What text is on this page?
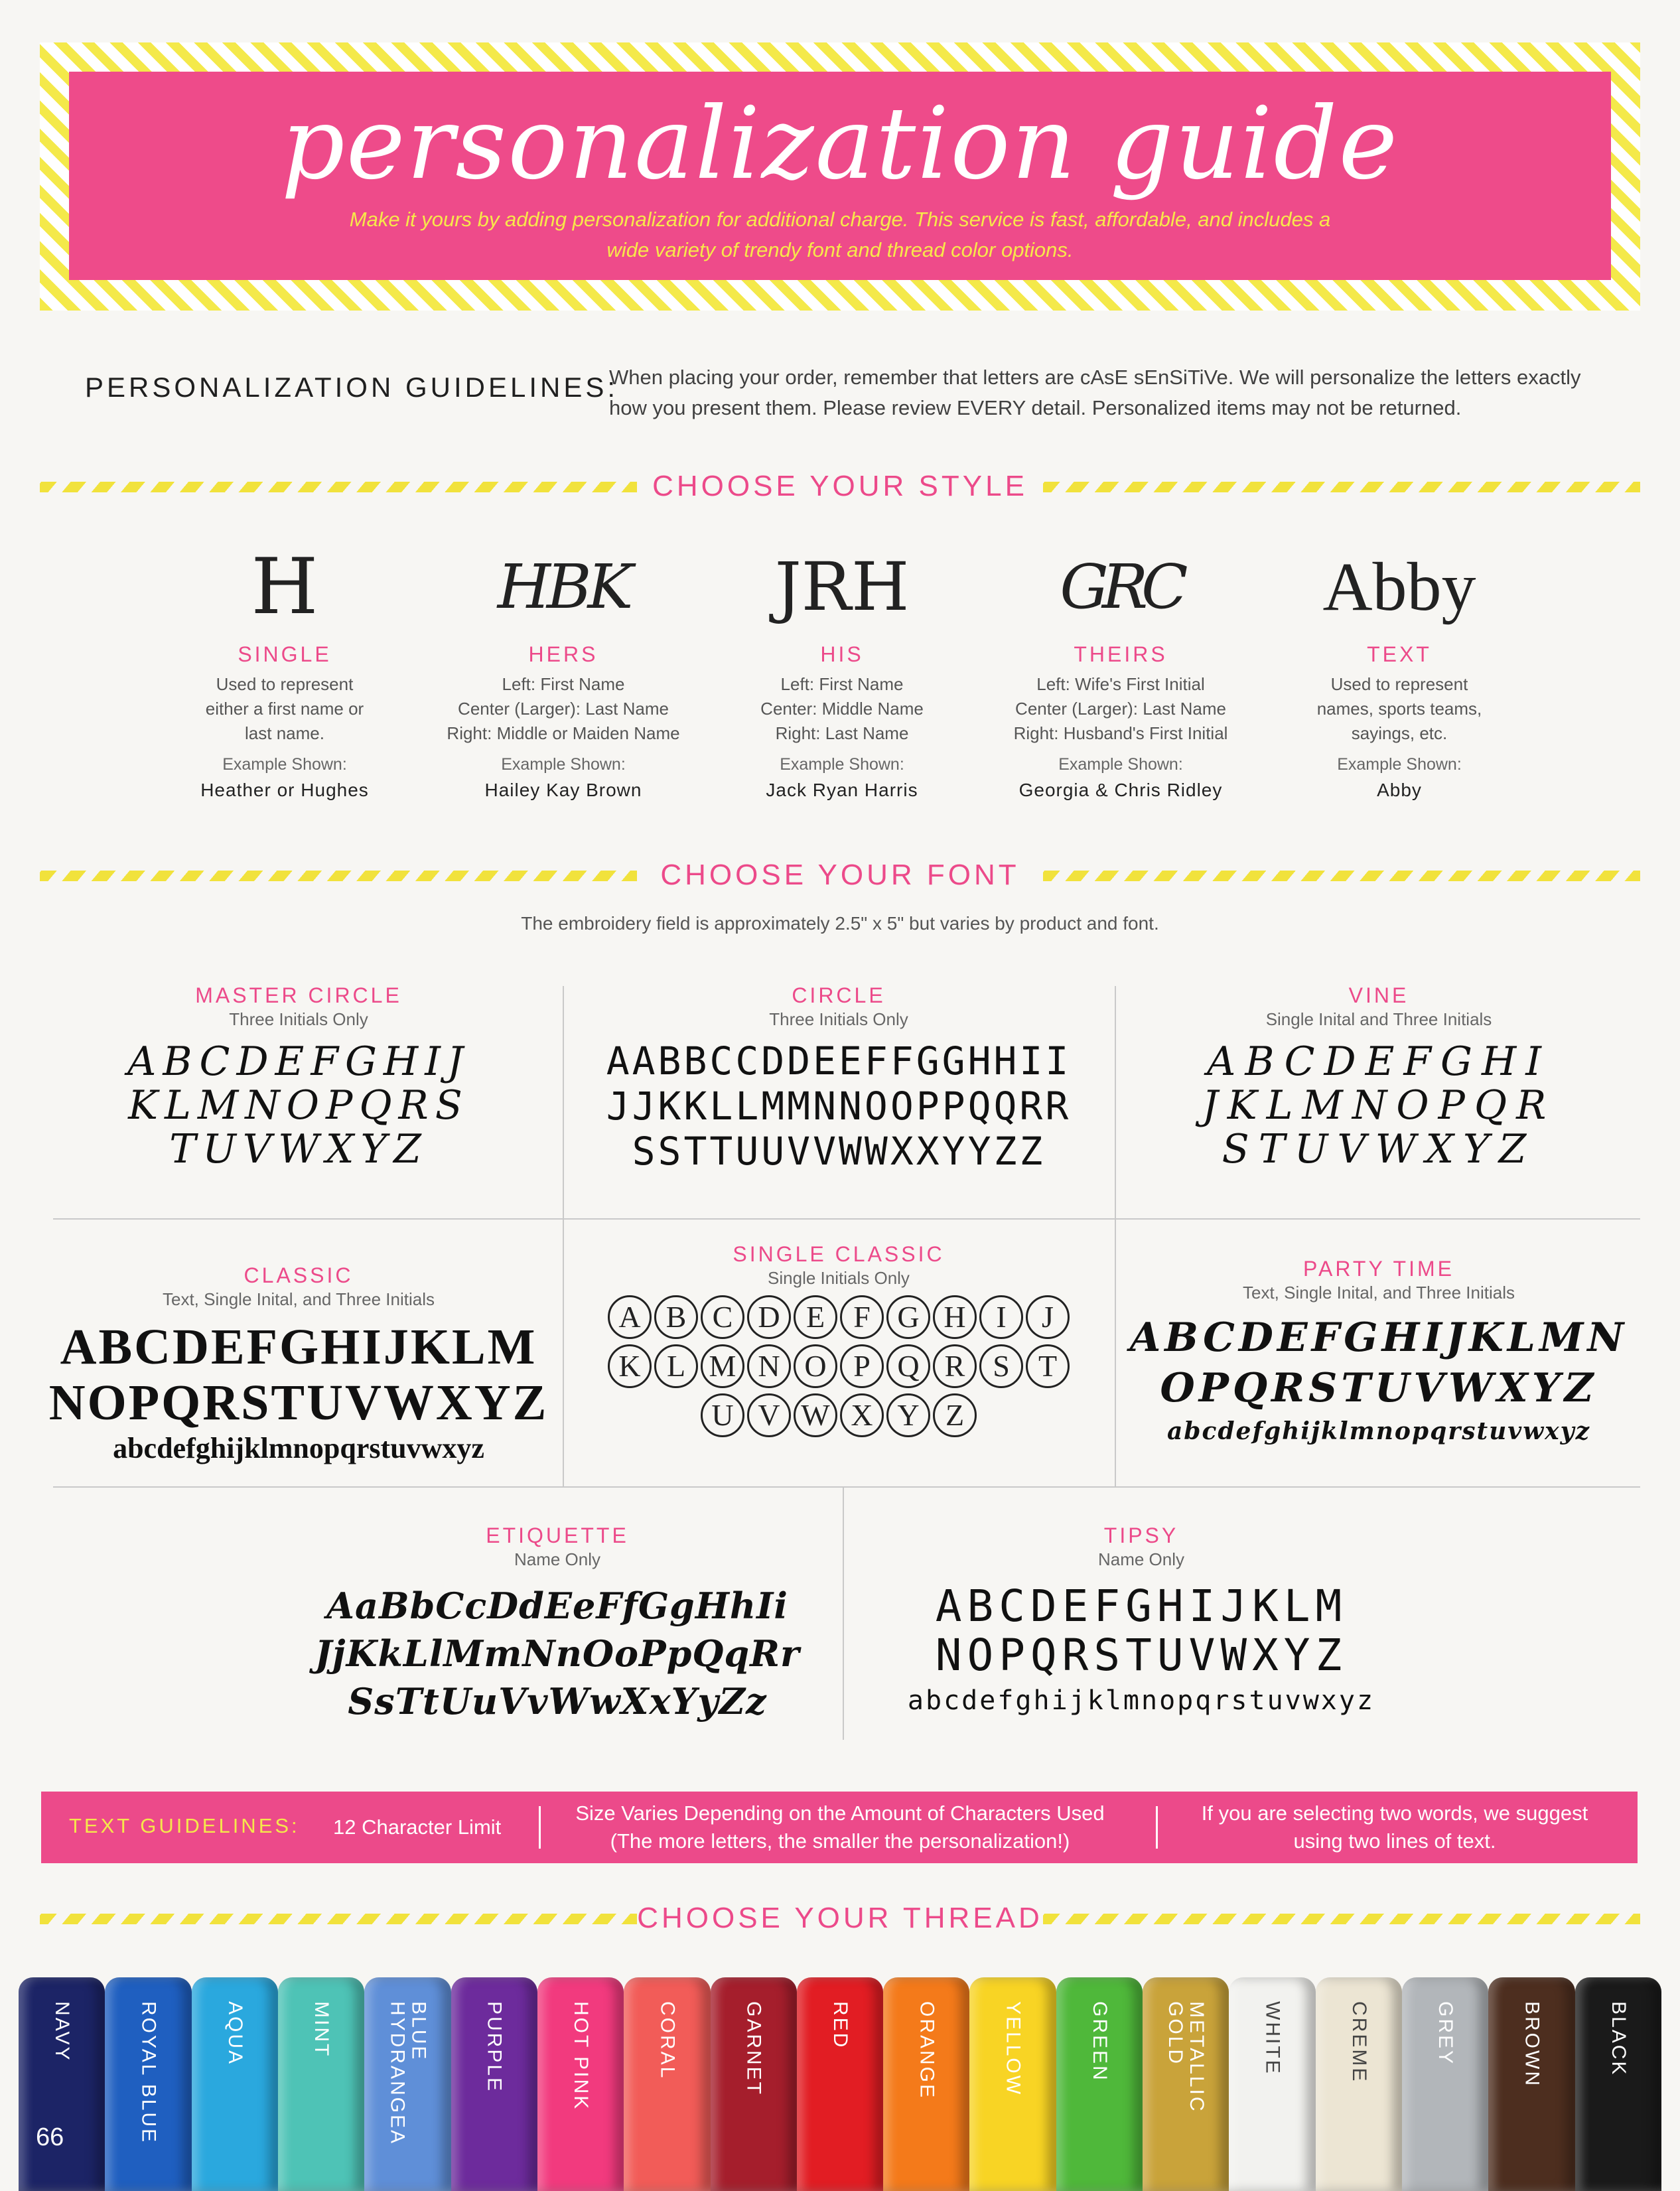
personalization guide
Make it yours by adding personalization for additional charge. This service is fast, affordable, and includes a wide variety of trendy font and thread color options.
PERSONALIZATION GUIDELINES:
When placing your order, remember that letters are cAsE sEnSiTiVe. We will personalize the letters exactly how you present them. Please review EVERY detail. Personalized items may not be returned.
CHOOSE YOUR STYLE
H
SINGLE
Used to represent
either a first name or
last name.
Example Shown:
Heather or Hughes
HBK
HERS
Left: First Name
Center (Larger): Last Name
Right: Middle or Maiden Name
Example Shown:
Hailey Kay Brown
JRH
HIS
Left: First Name
Center: Middle Name
Right: Last Name
Example Shown:
Jack Ryan Harris
GRC
THEIRS
Left: Wife's First Initial
Center (Larger): Last Name
Right: Husband's First Initial
Example Shown:
Georgia & Chris Ridley
Abby
TEXT
Used to represent
names, sports teams,
sayings, etc.
Example Shown:
Abby
CHOOSE YOUR FONT
The embroidery field is approximately 2.5" x 5" but varies by product and font.
MASTER CIRCLE
Three Initials Only
ABCDEFGHIJ
KLMNOPQRS
TUVWXYZ
CIRCLE
Three Initials Only
AABBCCDDEEFFGGHHII
JJKKLLMMNNOOPPQQRR
SSTTUUVVWWXXYYZZ
VINE
Single Inital and Three Initials
ABCDEFGHI
JKLMNOPQR
STUVWXYZ
CLASSIC
Text, Single Inital, and Three Initials
ABCDEFGHIJKLM
NOPQRSTUVWXYZ
abcdefghijklmnopqrstuvwxyz
SINGLE CLASSIC
Single Initials Only
A B C D E F G H I	J
K L M N O P Q R S T
U V W X Y Z
PARTY TIME
Text, Single Inital, and Three Initials
ABCDEFGHIJKLMN
OPQRSTUVWXYZ
abcdefghijklmnopqrstuvwxyz
ETIQUETTE
Name Only
AaBbCcDdEeFfGgHhIi
JjKkLlMmNnOoPpQqRr
SsTtUuVvWwXxYyZz
TIPSY
Name Only
ABCDEFGHIJKLM
NOPQRSTUVWXYZ
abcdefghijklmnopqrstuvwxyz
TEXT GUIDELINES: 12 Character Limit
Size Varies Depending on the Amount of Characters Used
(The more letters, the smaller the personalization!)
If you are selecting two words, we suggest
using two lines of text.
CHOOSE YOUR THREAD
NAVY	ROYAL BLUE	AQUA	MINT	BLUE
HYDRANGEA	PURPLE	HOT PINK	CORAL	GARNET	RED	ORANGE	YELLOW	GREEN	METALLIC
GOLD	WHITE	CREME	GREY	BROWN	BLACK
66
